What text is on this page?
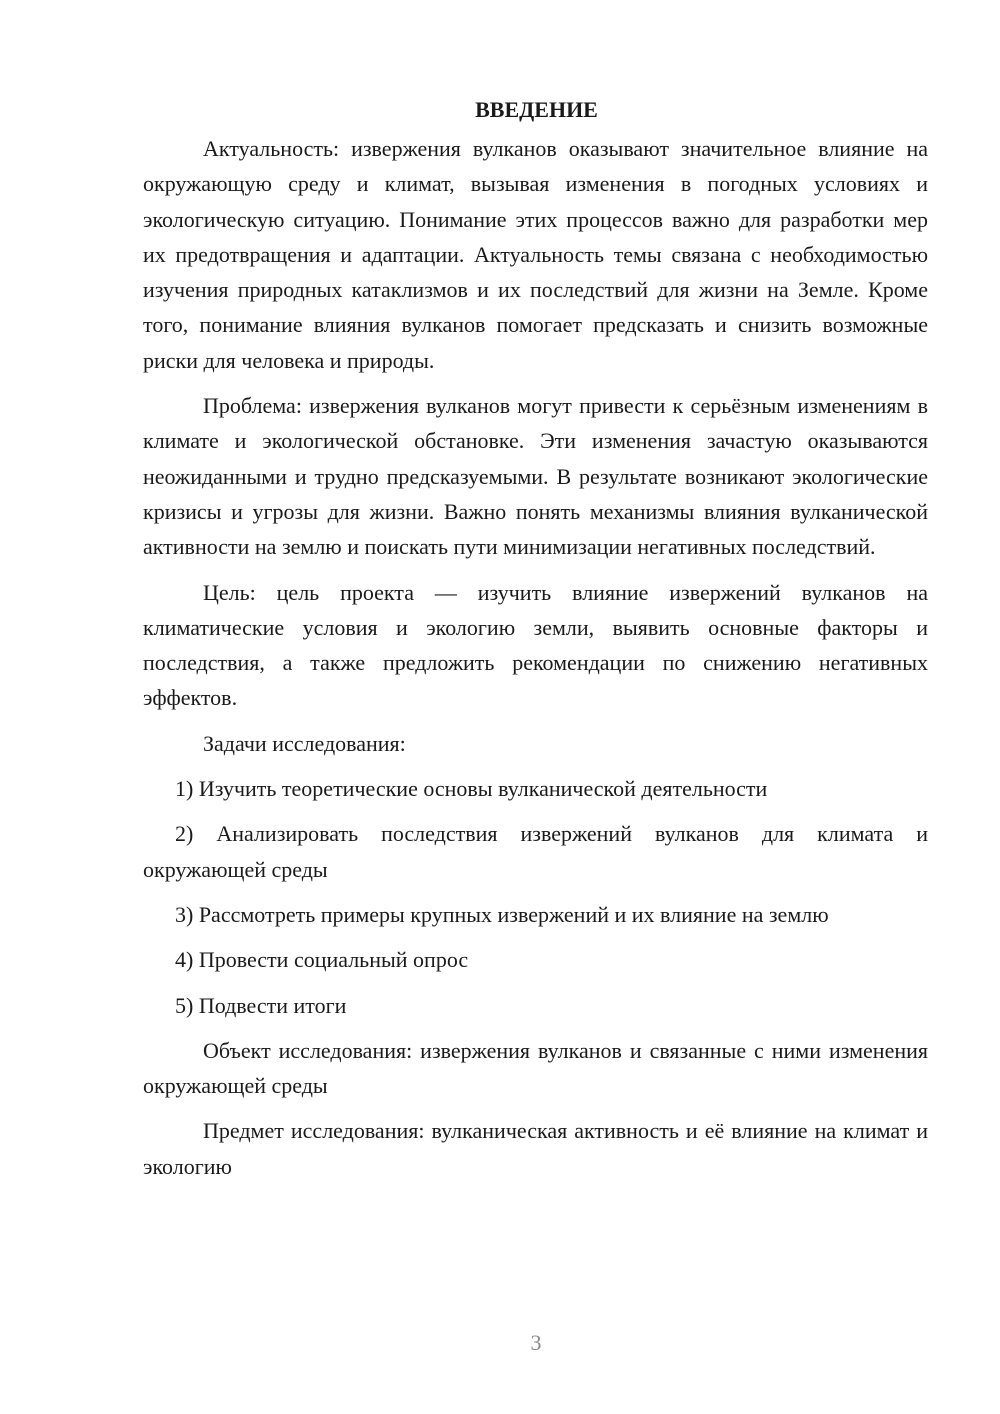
ВВЕДЕНИЕ

Актуальность: извержения вулканов оказывают значительное влияние на окружающую среду и климат, вызывая изменения в погодных условиях и экологическую ситуацию. Понимание этих процессов важно для разработки мер их предотвращения и адаптации. Актуальность темы связана с необходимостью изучения природных катаклизмов и их последствий для жизни на Земле. Кроме того, понимание влияния вулканов помогает предсказать и снизить возможные риски для человека и природы.

Проблема: извержения вулканов могут привести к серьёзным изменениям в климате и экологической обстановке. Эти изменения зачастую оказываются неожиданными и трудно предсказуемыми. В результате возникают экологические кризисы и угрозы для жизни. Важно понять механизмы влияния вулканической активности на землю и поискать пути минимизации негативных последствий.

Цель: цель проекта — изучить влияние извержений вулканов на климатические условия и экологию земли, выявить основные факторы и последствия, а также предложить рекомендации по снижению негативных эффектов.

Задачи исследования:

1) Изучить теоретические основы вулканической деятельности

2) Анализировать последствия извержений вулканов для климата и окружающей среды

3) Рассмотреть примеры крупных извержений и их влияние на землю

4) Провести социальный опрос

5) Подвести итоги

Объект исследования: извержения вулканов и связанные с ними изменения окружающей среды

Предмет исследования: вулканическая активность и её влияние на климат и экологию

3
